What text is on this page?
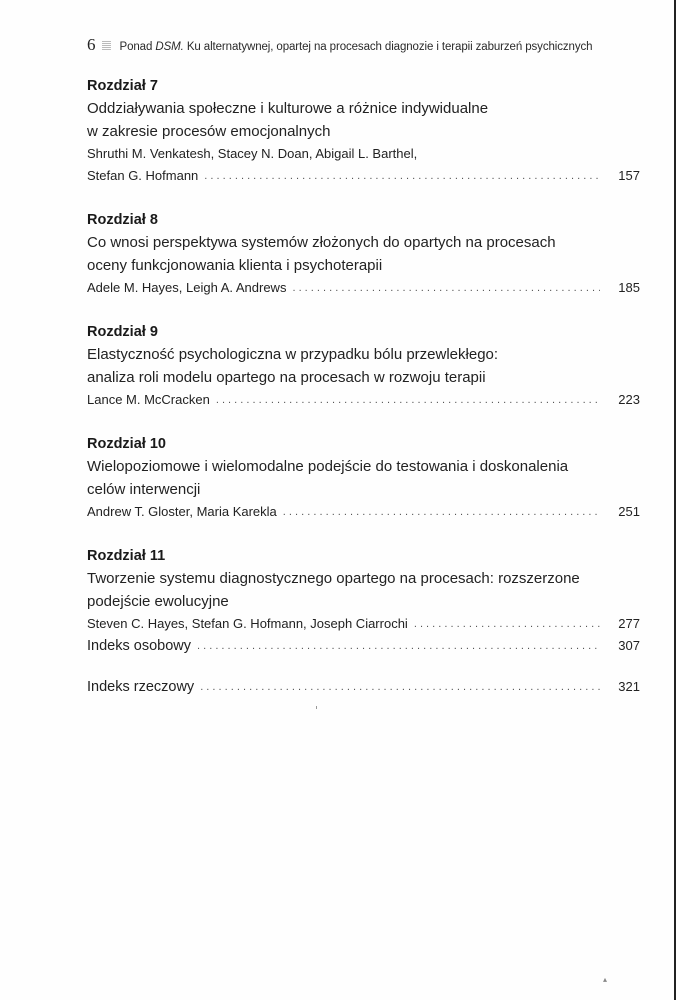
6 Ponad DSM. Ku alternatywnej, opartej na procesach diagnozie i terapii zaburzeń psychicznych
Rozdział 7
Oddziaływania społeczne i kulturowe a różnice indywidualne
w zakresie procesów emocjonalnych
Shruthi M. Venkatesh, Stacey N. Doan, Abigail L. Barthel,
Stefan G. Hofmann . . .	157
Rozdział 8
Co wnosi perspektywa systemów złożonych do opartych na procesach
oceny funkcjonowania klienta i psychoterapii
Adele M. Hayes, Leigh A. Andrews . . .	185
Rozdział 9
Elastyczność psychologiczna w przypadku bólu przewlekłego:
analiza roli modelu opartego na procesach w rozwoju terapii
Lance M. McCracken . . .	223
Rozdział 10
Wielopoziomowe i wielomodalne podejście do testowania i doskonalenia
celów interwencji
Andrew T. Gloster, Maria Karekla . . .	251
Rozdział 11
Tworzenie systemu diagnostycznego opartego na procesach: rozszerzone
podejście ewolucyjne
Steven C. Hayes, Stefan G. Hofmann, Joseph Ciarrochi . . .	277
Indeks osobowy . . .	307
Indeks rzeczowy . . .	321
▴
